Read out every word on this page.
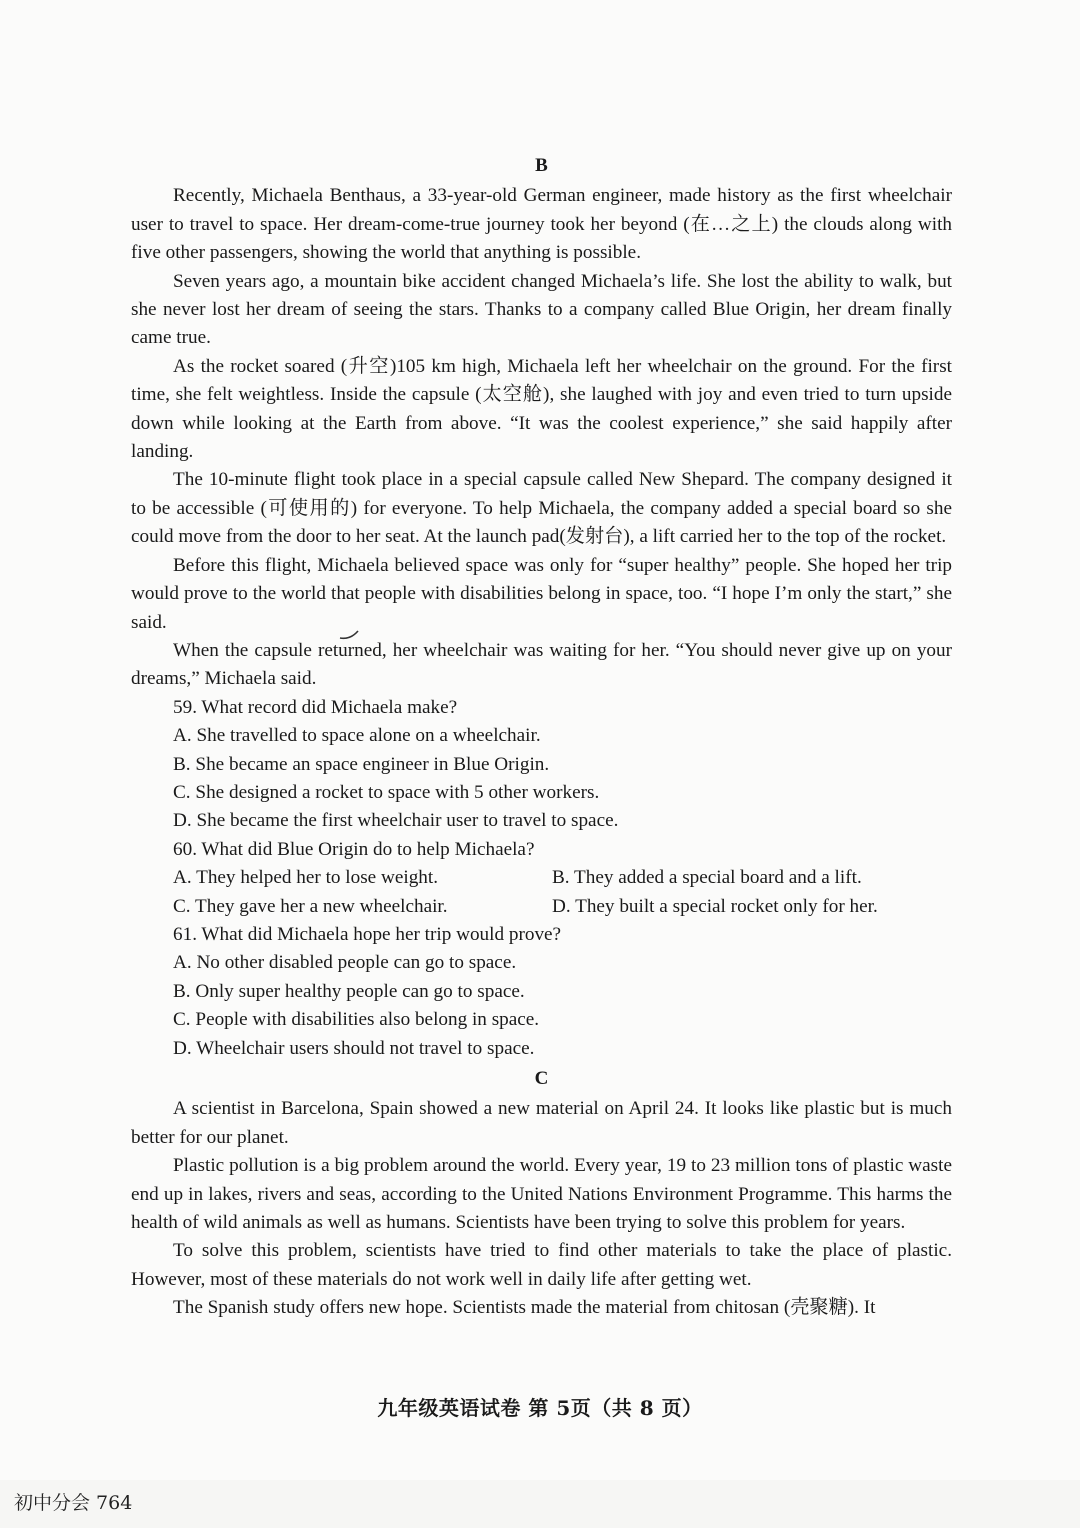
B

Recently, Michaela Benthaus, a 33-year-old German engineer, made history as the first wheelchair user to travel to space. Her dream-come-true journey took her beyond (在…之上) the clouds along with five other passengers, showing the world that anything is possible.

Seven years ago, a mountain bike accident changed Michaela’s life. She lost the ability to walk, but she never lost her dream of seeing the stars. Thanks to a company called Blue Origin, her dream finally came true.

As the rocket soared (升空)105 km high, Michaela left her wheelchair on the ground. For the first time, she felt weightless. Inside the capsule (太空舱), she laughed with joy and even tried to turn upside down while looking at the Earth from above. “It was the coolest experience,” she said happily after landing.

The 10-minute flight took place in a special capsule called New Shepard. The company designed it to be accessible (可使用的) for everyone. To help Michaela, the company added a special board so she could move from the door to her seat. At the launch pad(发射台), a lift carried her to the top of the rocket.

Before this flight, Michaela believed space was only for “super healthy” people. She hoped her trip would prove to the world that people with disabilities belong in space, too. “I hope I’m only the start,” she said.

When the capsule returned, her wheelchair was waiting for her. “You should never give up on your dreams,” Michaela said.

59. What record did Michaela make?

A. She travelled to space alone on a wheelchair.

B. She became an space engineer in Blue Origin.

C. She designed a rocket to space with 5 other workers.

D. She became the first wheelchair user to travel to space.

60. What did Blue Origin do to help Michaela?

A. They helped her to lose weight.	B. They added a special board and a lift.
C. They gave her a new wheelchair.	D. They built a special rocket only for her.

61. What did Michaela hope her trip would prove?

A. No other disabled people can go to space.

B. Only super healthy people can go to space.

C. People with disabilities also belong in space.

D. Wheelchair users should not travel to space.

C

A scientist in Barcelona, Spain showed a new material on April 24. It looks like plastic but is much better for our planet.

Plastic pollution is a big problem around the world. Every year, 19 to 23 million tons of plastic waste end up in lakes, rivers and seas, according to the United Nations Environment Programme. This harms the health of wild animals as well as humans. Scientists have been trying to solve this problem for years.

To solve this problem, scientists have tried to find other materials to take the place of plastic. However, most of these materials do not work well in daily life after getting wet.

The Spanish study offers new hope. Scientists made the material from chitosan (壳聚糖). It

九年级英语试卷 第 5页（共 8 页）
初中分会 764
